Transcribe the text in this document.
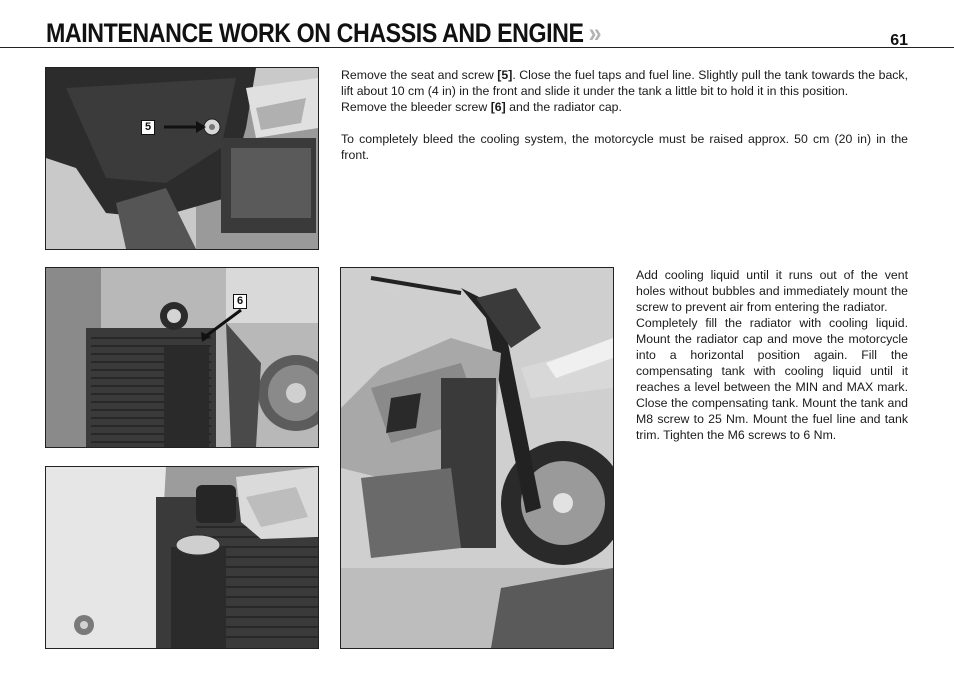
MAINTENANCE WORK ON CHASSIS AND ENGINE »	61
5

Remove the seat and screw [5]. Close the fuel taps and fuel line. Slightly pull the tank towards the back, lift about 10 cm (4 in) in the front and slide it under the tank a little bit to hold it in this position.

Remove the bleeder screw [6] and the radiator cap.

To completely bleed the cooling system, the motorcycle must be raised approx. 50 cm (20 in) in the front.

6

Add cooling liquid until it runs out of the vent holes without bubbles and immediately mount the screw to prevent air from entering the radiator.

Completely fill the radiator with cooling liquid. Mount the radiator cap and move the motorcycle into a horizontal position again. Fill the compensating tank with cooling liquid until it reaches a level between the MIN and MAX mark. Close the compensating tank. Mount the tank and M8 screw to 25 Nm. Mount the fuel line and tank trim. Tighten the M6 screws to 6 Nm.
